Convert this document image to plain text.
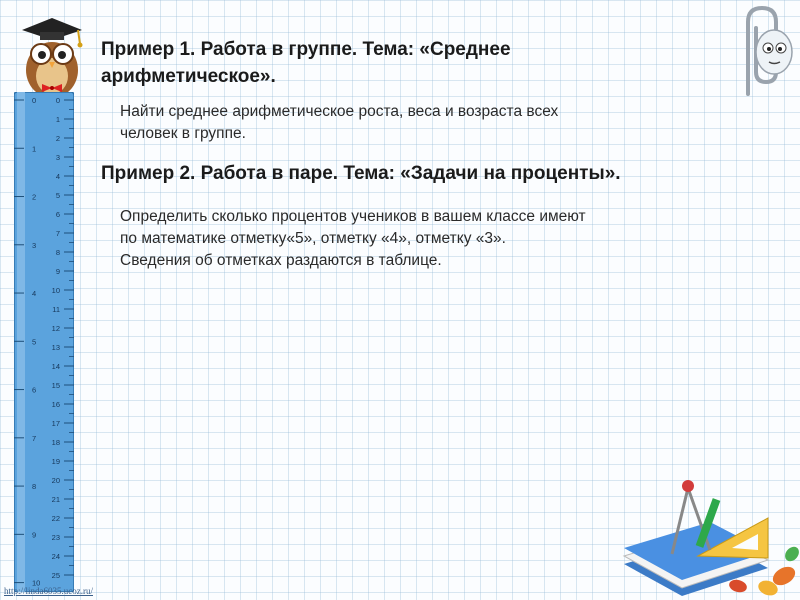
0
1
2
3
4
5
6
7
8
9
10
11
12
13
14
15
16
17
18
19
20
21
22
23
24
25
0
1
2
3
4
5
6
7
8
9
10
Пример 1. Работа в группе. Тема: «Среднее
арифметическое».

Найти среднее арифметическое роста, веса и возраста всех
человек в группе.

Пример 2. Работа в паре. Тема: «Задачи на проценты».

Определить сколько процентов учеников в вашем классе имеют
по математике отметку«5», отметку «4», отметку «3».
Сведения об отметках раздаются в таблице.

http://linda6035.ucoz.ru/
